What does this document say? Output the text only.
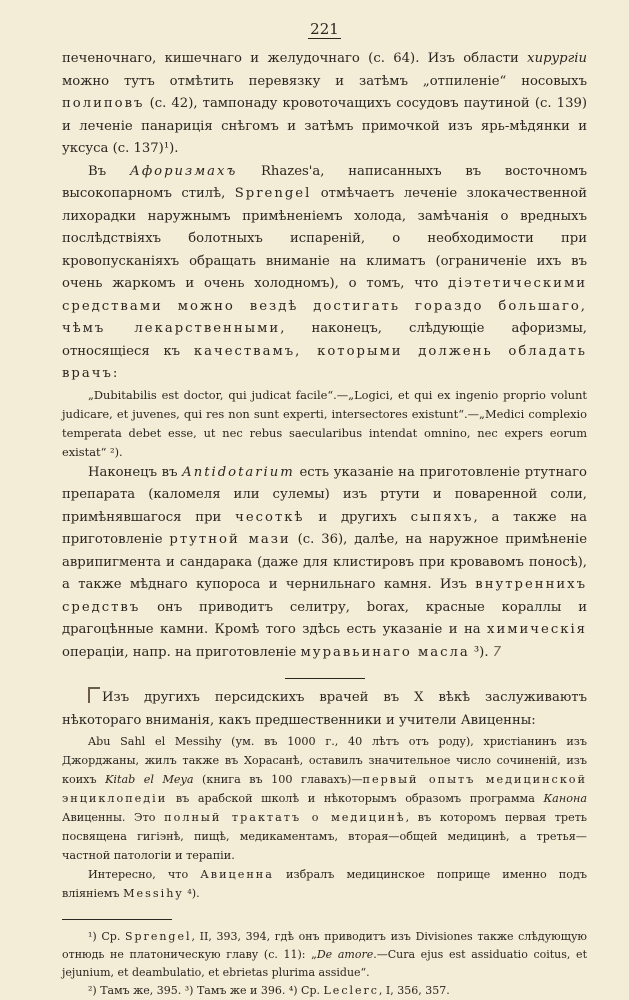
221

печеночнаго, кишечнаго и желудочнаго (с. 64). Изъ области хирургiи можно тутъ отмѣтить перевязку и затѣмъ „отпиленiе“ носовыхъ полиповъ (с. 42), тампонаду кровоточащихъ сосудовъ паутиной (с. 139) и леченiе панарицiя снѣгомъ и затѣмъ примочкой изъ ярь-мѣдянки и уксуса (с. 137)¹).

Въ Афоризмахъ Rhazes'а, написанныхъ въ восточномъ высокопарномъ стилѣ, Sprengel отмѣчаетъ леченiе злокачественной лихорадки наружнымъ примѣненiемъ холода, замѣчанiя о вредныхъ послѣдствiяхъ болотныхъ испаренiй, о необходимости при кровопусканiяхъ обращать вниманiе на климатъ (ограниченiе ихъ въ очень жаркомъ и очень холодномъ), о томъ, что дiэтетическими средствами можно вездѣ достигать гораздо большаго, чѣмъ лекарственными, наконецъ, слѣдующiе афоризмы, относящiеся къ качествамъ, которыми должень обладать врачъ:

„Dubitabilis est doctor, qui judicat facile“.—„Logici, et qui ex ingenio proprio volunt judicare, et juvenes, qui res non sunt experti, intersectores existunt“.—„Medici complexio temperata debet esse, ut nec rebus saecularibus intendat omnino, nec expers eorum existat“ ²).

Наконецъ въ Antidotarium есть указанiе на приготовленiе ртутнаго препарата (каломеля или сулемы) изъ ртути и поваренной соли, примѣнявшагося при чесоткѣ и другихъ сыпяхъ, а также на приготовленiе ртутной мази (с. 36), далѣе, на наружное примѣненiе аврипигмента и сандарака (даже для клистировъ при кровавомъ поносѣ), а также мѣднаго купороса и чернильнаго камня. Изъ внутреннихъ средствъ онъ приводитъ селитру, borax, красные кораллы и драгоцѣнные камни. Кромѣ того здѣсь есть указанiе и на химическiя операцiи, напр. на приготовленiе муравьинаго масла ³). 7

Изъ другихъ персидскихъ врачей въ X вѣкѣ заслуживаютъ нѣкотораго вниманiя, какъ предшественники и учители Авиценны:

Abu Sahl el Messihy (ум. въ 1000 г., 40 лѣтъ отъ роду), христiанинъ изъ Джорджаны, жилъ также въ Хорасанѣ, оставилъ значительное число сочиненiй, изъ коихъ Kitab el Meya (книга въ 100 главахъ)—первый опытъ медицинской энциклопедiи въ арабской школѣ и нѣкоторымъ образомъ программа Канона Авиценны. Это полный трактатъ о медицинѣ, въ которомъ первая треть посвящена гигiэнѣ, пищѣ, медикаментамъ, вторая—общей медицинѣ, а третья—частной патологiи и терапiи.

Интересно, что Авиценна избралъ медицинское поприще именно подъ влiянiемъ Messihy ⁴).

¹) Cp. Sprengel, II, 393, 394, гдѣ онъ приводитъ изъ Divisiones также слѣдующую отнюдь не платоническую главу (с. 11): „De amore.—Cura ejus est assiduatio coitus, et jejunium, et deambulatio, et ebrietas plurima assidue“.

²) Тамъ же, 395. ³) Тамъ же и 396. ⁴) Cp. Leclerc, I, 356, 357.
